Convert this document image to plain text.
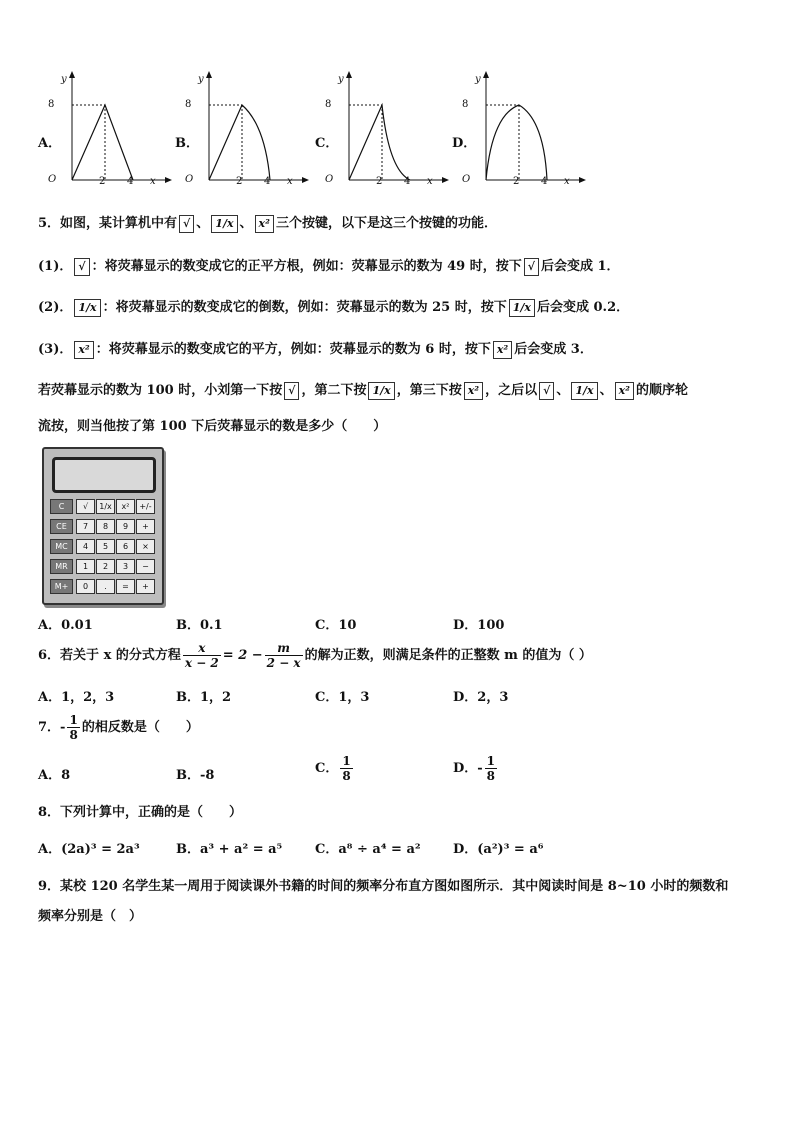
A．	B．	C．	D．
y
8
O	2 4 x
y
8
O	2 4 x
y
8
O	2 4 x
y
8
O	2 4 x
5．如图，某计算机中有 √ 、 1/x 、 x² 三个按键，以下是这三个按键的功能．
(1)． √ ：将荧幕显示的数变成它的正平方根，例如：荧幕显示的数为 49 时，按下 √ 后会变成 1．
(2)． 1/x ：将荧幕显示的数变成它的倒数，例如：荧幕显示的数为 25 时，按下 1/x 后会变成 0.2．
(3)． x² ：将荧幕显示的数变成它的平方，例如：荧幕显示的数为 6 时，按下 x² 后会变成 3．
若荧幕显示的数为 100 时，小刘第一下按 √ ，第二下按 1/x ，第三下按 x² ，之后以 √ 、 1/x 、 x² 的顺序轮
流按，则当他按了第 100 下后荧幕显示的数是多少（　　）
C	√	1/x	x²	+/-
CE	7	8	9	+
MC	4	5	6	×
MR	1	2	3	−
M+	0	.	=	+
A．0.01	B．0.1	C．10	D．100
6．若关于 x 的分式方程 $\frac{x}{x - 2} = 2 - \frac{m}{2 - x}$ 的解为正数，则满足条件的正整数 m 的值为（ ）
A．1，2，3	B．1，2	C．1，3	D．2，3
7．- $\frac{1}{8}$ 的相反数是（　　）
A．8	B．-8	C． $\frac{1}{8}$	D．- $\frac{1}{8}$
8．下列计算中，正确的是（　　）
A．(2a)³ = 2a³	B．a³ + a² = a⁵	C．a⁸ ÷ a⁴ = a² D．(a²)³ = a⁶
9．某校 120 名学生某一周用于阅读课外书籍的时间的频率分布直方图如图所示．其中阅读时间是 8~10 小时的频数和
频率分别是（　）
